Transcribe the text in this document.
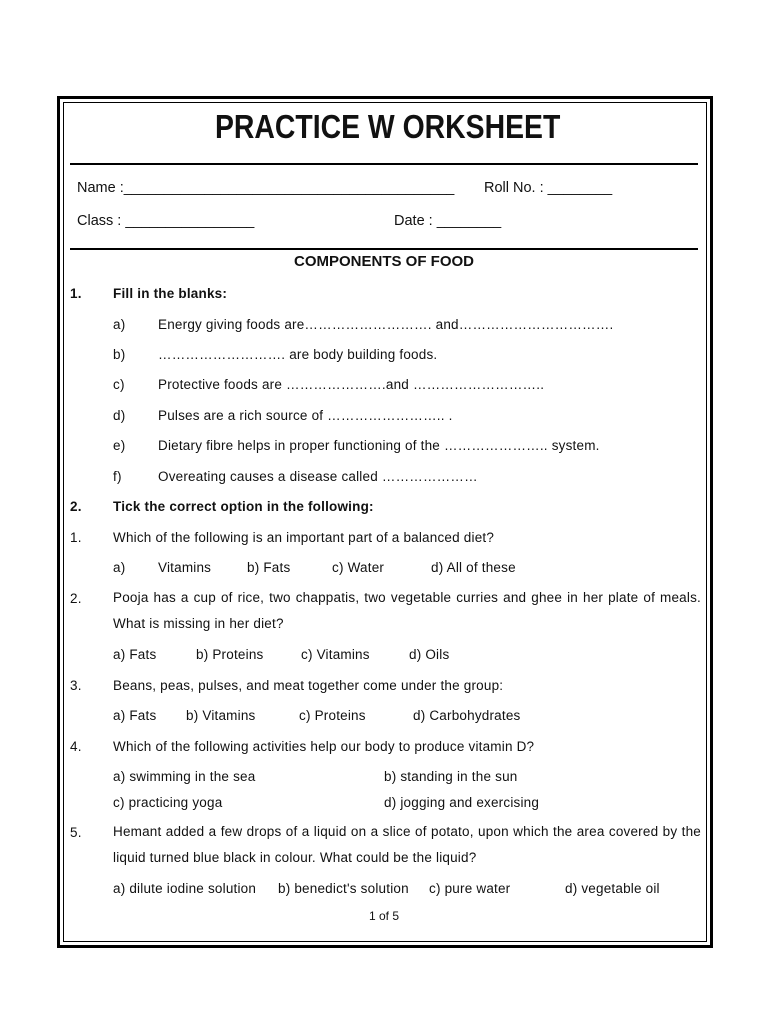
PRACTICE W ORKSHEET
Name :_________________________________________ Roll No. : ________
Class : ________________	Date : ________
COMPONENTS OF FOOD
1. Fill in the blanks:
a) Energy giving foods are………………………. and…………………………….
b) ………………………. are body building foods.
c) Protective foods are ………………….and ………………………..
d) Pulses are a rich source of …………………….. .
e) Dietary fibre helps in proper functioning of the ………………….. system.
f)	Overeating causes a disease called …………………
2. Tick the correct option in the following:
1. Which of the following is an important part of a balanced diet?
a) Vitamins	b) Fats	c) Water	d) All of these
2. Pooja has a cup of rice, two chappatis, two vegetable curries and ghee in her plate of meals. What is missing in her diet?
a) Fats	b) Proteins	c) Vitamins	d) Oils
3. Beans, peas, pulses, and meat together come under the group:
a) Fats b) Vitamins	c) Proteins	d) Carbohydrates
4. Which of the following activities help our body to produce vitamin D?
a) swimming in the sea	b) standing in the sun
c) practicing yoga	d) jogging and exercising
5. Hemant added a few drops of a liquid on a slice of potato, upon which the area covered by the liquid turned blue black in colour. What could be the liquid?
a) dilute iodine solution b) benedict's solution c) pure water	d) vegetable oil
1 of 5
